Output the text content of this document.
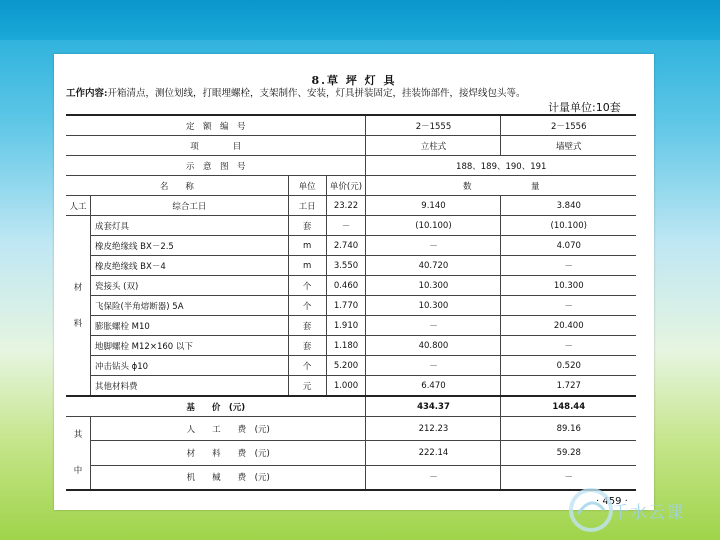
8.草 坪 灯 具
工作内容:开箱清点，测位划线，打眼埋螺栓，支架制作、安装，灯具拼装固定，挂装饰部件，接焊线包头等。
计量单位:10套
定　额　编　号				2－1555	2－1556
项　　　　目				立柱式	墙壁式
示　意　图　号				188、189、190、191	
名　　称		单位	单价(元)	数　　　　　　　量	
人工	综合工日	工日	23.22	9.140	3.840
材
料	成套灯具	套	－	(10.100)	(10.100)
	橡皮绝缘线 BX－2.5	m	2.740	－	4.070
	橡皮绝缘线 BX－4	m	3.550	40.720	－
	瓷接头 (双)	个	0.460	10.300	10.300
	飞保险(半角熔断器) 5A	个	1.770	10.300	－
	膨胀螺栓 M10	套	1.910	－	20.400
	地脚螺栓 M12×160 以下	套	1.180	40.800	－
	冲击钻头 ϕ10	个	5.200	－	0.520
	其他材料费	元	1.000	6.470	1.727
基　　价　(元)				434.37	148.44
其
中	人　　工　　费　(元)			212.23	89.16
	材　　料　　费　(元)			222.14	59.28
	机　　械　　费　(元)			－	－
· 459 ·
千水云课
